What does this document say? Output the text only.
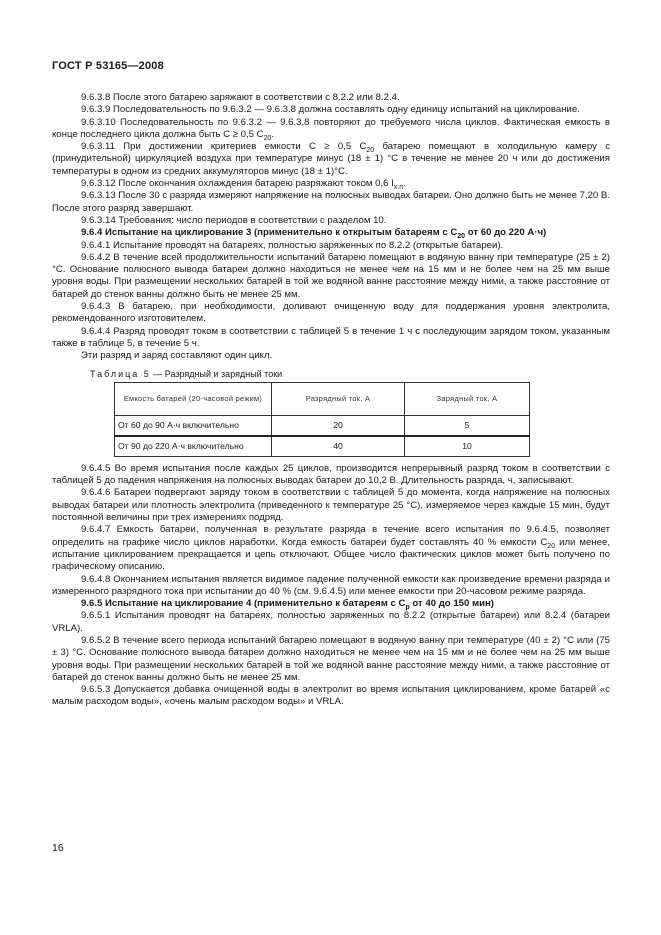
ГОСТ Р 53165—2008

9.6.3.8 После этого батарею заряжают в соответствии с 8.2.2 или 8.2.4.

9.6.3.9 Последовательность по 9.6.3.2 — 9.6.3.8 должна составлять одну единицу испытаний на циклирование.

9.6.3.10 Последовательность по 9.6.3.2 — 9.6.3.8 повторяют до требуемого числа циклов. Фактическая емкость в конце последнего цикла должна быть C ≥ 0,5 $C_{20}$.

9.6.3.11 При достижении критериев емкости C ≥ 0,5 $C_{20}$ батарею помещают в холодильную камеру с (принудительной) циркуляцией воздуха при температуре минус (18 ± 1) °С в течение не менее 20 ч или до достижения температуры в одном из средних аккумуляторов минус (18 ± 1)°С.

9.6.3.12 После окончания охлаждения батарею разряжают током 0,6 $I_{х.п}$.

9.6.3.13 После 30 с разряда измеряют напряжение на полюсных выводах батареи. Оно должно быть не менее 7,20 В. После этого разряд завершают.

9.6.3.14 Требования: число периодов в соответствии с разделом 10.

9.6.4 Испытание на циклирование 3 (применительно к открытым батареям с $C_{20}$ от 60 до 220 А·ч)

9.6.4.1 Испытание проводят на батареях, полностью заряженных по 8.2.2 (открытые батареи).

9.6.4.2 В течение всей продолжительности испытаний батарею помещают в водяную ванну при температуре (25 ± 2) °С. Основание полюсного вывода батареи должно находиться не менее чем на 15 мм и не более чем на 25 мм выше уровня воды. При размещении нескольких батарей в той же водяной ванне расстояние между ними, а также расстояние от батарей до стенок ванны должно быть не менее 25 мм.

9.6.4.3 В батарею, при необходимости, доливают очищенную воду для поддержания уровня электролита, рекомендованного изготовителем.

9.6.4.4 Разряд проводят током в соответствии с таблицей 5 в течение 1 ч с последующим зарядом током, указанным также в таблице 5, в течение 5 ч.

Эти разряд и заряд составляют один цикл.

Таблица 5 — Разрядный и зарядный токи

Емкость батарей (20-часовой режим)	Разрядный ток, А	Зарядный ток, А
От 60 до 90 А·ч включительно	20	5
От 90 до 220 А·ч включительно	40	10

9.6.4.5 Во время испытания после каждых 25 циклов, производится непрерывный разряд током в соответствии с таблицей 5 до падения напряжения на полюсных выводах батареи до 10,2 В. Длительность разряда, ч, записывают.

9.6.4.6 Батареи подвергают заряду током в соответствии с таблицей 5 до момента, когда напряжение на полюсных выводах батареи или плотность электролита (приведенного к температуре 25 °С), измеряемое через каждые 15 мин, будут постоянной величины при трех измерениях подряд.

9.6.4.7 Емкость батареи, полученная в результате разряда в течение всего испытания по 9.6.4.5, позволяет определить на графике число циклов наработки. Когда емкость батареи будет составлять 40 % емкости $C_{20}$ или менее, испытание циклированием прекращается и цепь отключают. Общее число фактических циклов может быть получено по графическому описанию.

9.6.4.8 Окончанием испытания является видимое падение полученной емкости как произведение времени разряда и измеренного разрядного тока при испытании до 40 % (см. 9.6.4.5) или менее емкости при 20-часовом режиме разряда.

9.6.5 Испытание на циклирование 4 (применительно к батареям с $C_p$ от 40 до 150 мин)

9.6.5.1 Испытания проводят на батареях, полностью заряженных по 8.2.2 (открытые батареи) или 8.2.4 (батареи VRLA).

9.6.5.2 В течение всего периода испытаний батарею помещают в водяную ванну при температуре (40 ± 2) °С или (75 ± 3) °С. Основание полюсного вывода батареи должно находиться не менее чем на 15 мм и не более чем на 25 мм выше уровня воды. При размещении нескольких батарей в той же водяной ванне расстояние между ними, а также расстояние от батарей до стенок ванны должно быть не менее 25 мм.

9.6.5.3 Допускается добавка очищенной воды в электролит во время испытания циклированием, кроме батарей «с малым расходом воды», «очень малым расходом воды» и VRLA.

16
